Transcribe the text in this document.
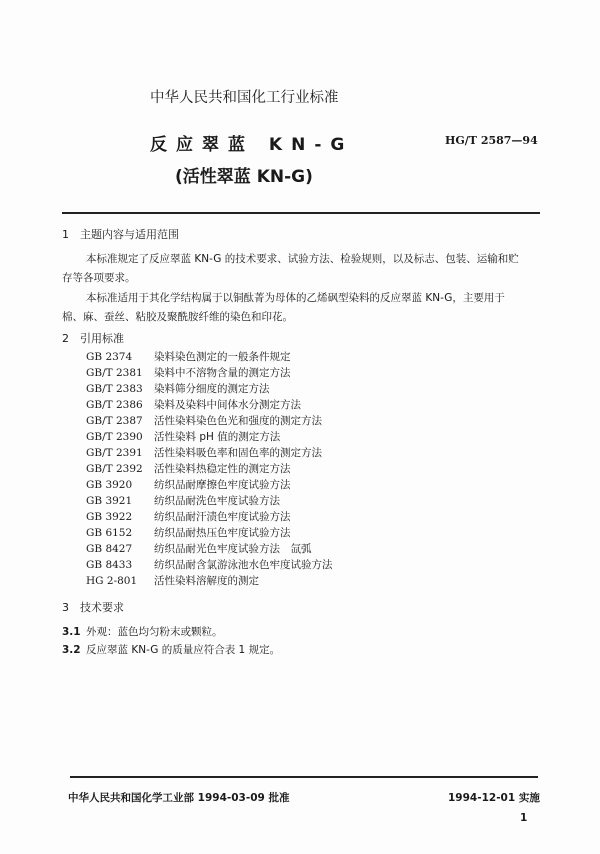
中华人民共和国化工行业标准
反应翠蓝 KN-G	HG/T 2587—94
(活性翠蓝 KN-G)
1 主题内容与适用范围
本标准规定了反应翠蓝 KN-G 的技术要求、试验方法、检验规则，以及标志、包装、运输和贮
存等各项要求。
本标准适用于其化学结构属于以铜酞菁为母体的乙烯砜型染料的反应翠蓝 KN-G，主要用于
棉、麻、蚕丝、粘胶及聚酰胺纤维的染色和印花。
2 引用标准
GB 2374 染料染色测定的一般条件规定
GB/T 2381 染料中不溶物含量的测定方法
GB/T 2383 染料筛分细度的测定方法
GB/T 2386 染料及染料中间体水分测定方法
GB/T 2387 活性染料染色色光和强度的测定方法
GB/T 2390 活性染料 pH 值的测定方法
GB/T 2391 活性染料吸色率和固色率的测定方法
GB/T 2392 活性染料热稳定性的测定方法
GB 3920 纺织品耐摩擦色牢度试验方法
GB 3921 纺织品耐洗色牢度试验方法
GB 3922 纺织品耐汗渍色牢度试验方法
GB 6152 纺织品耐热压色牢度试验方法
GB 8427 纺织品耐光色牢度试验方法　氙弧
GB 8433 纺织品耐含氯游泳池水色牢度试验方法
HG 2-801 活性染料溶解度的测定
3 技术要求
3.1 外观：蓝色均匀粉末或颗粒。
3.2 反应翠蓝 KN-G 的质量应符合表 1 规定。
中华人民共和国化学工业部 1994-03-09 批准	1994-12-01 实施
1
